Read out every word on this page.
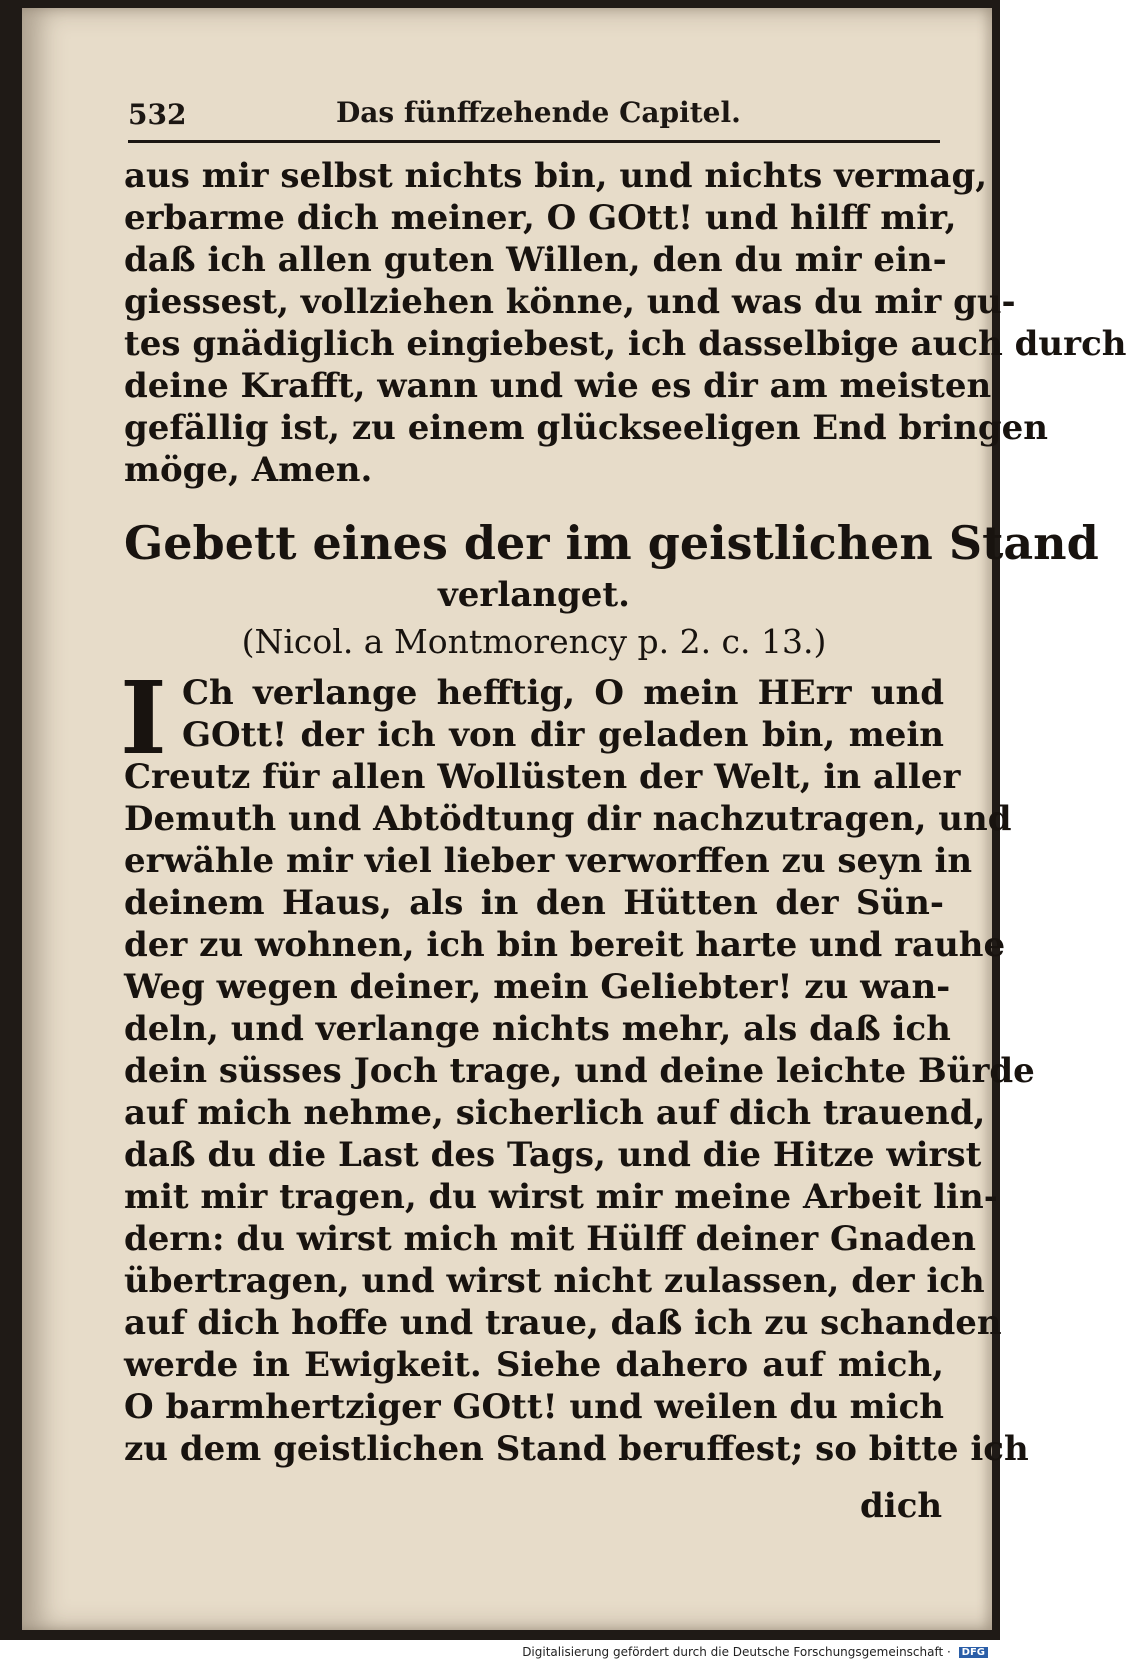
532	Das fünffzehende Capitel.
aus mir selbst nichts bin, und nichts vermag,
erbarme dich meiner, O GOtt! und hilff mir,
daß ich allen guten Willen, den du mir ein-
giessest, vollziehen könne, und was du mir gu-
tes gnädiglich eingiebest, ich dasselbige auch durch
deine Krafft, wann und wie es dir am meisten
gefällig ist, zu einem glückseeligen End bringen
möge, Amen.
Gebett eines der im geistlichen Stand
verlanget.
(Nicol. a Montmorency p. 2. c. 13.)
I Ch verlange hefftig, O mein HErr und
GOtt! der ich von dir geladen bin, mein
Creutz für allen Wollüsten der Welt, in aller
Demuth und Abtödtung dir nachzutragen, und
erwähle mir viel lieber verworffen zu seyn in
deinem Haus, als in den Hütten der Sün-
der zu wohnen, ich bin bereit harte und rauhe
Weg wegen deiner, mein Geliebter! zu wan-
deln, und verlange nichts mehr, als daß ich
dein süsses Joch trage, und deine leichte Bürde
auf mich nehme, sicherlich auf dich trauend,
daß du die Last des Tags, und die Hitze wirst
mit mir tragen, du wirst mir meine Arbeit lin-
dern: du wirst mich mit Hülff deiner Gnaden
übertragen, und wirst nicht zulassen, der ich
auf dich hoffe und traue, daß ich zu schanden
werde in Ewigkeit. Siehe dahero auf mich,
O barmhertziger GOtt! und weilen du mich
zu dem geistlichen Stand beruffest; so bitte ich
dich
Digitalisierung gefördert durch die Deutsche Forschungsgemeinschaft · DFG
